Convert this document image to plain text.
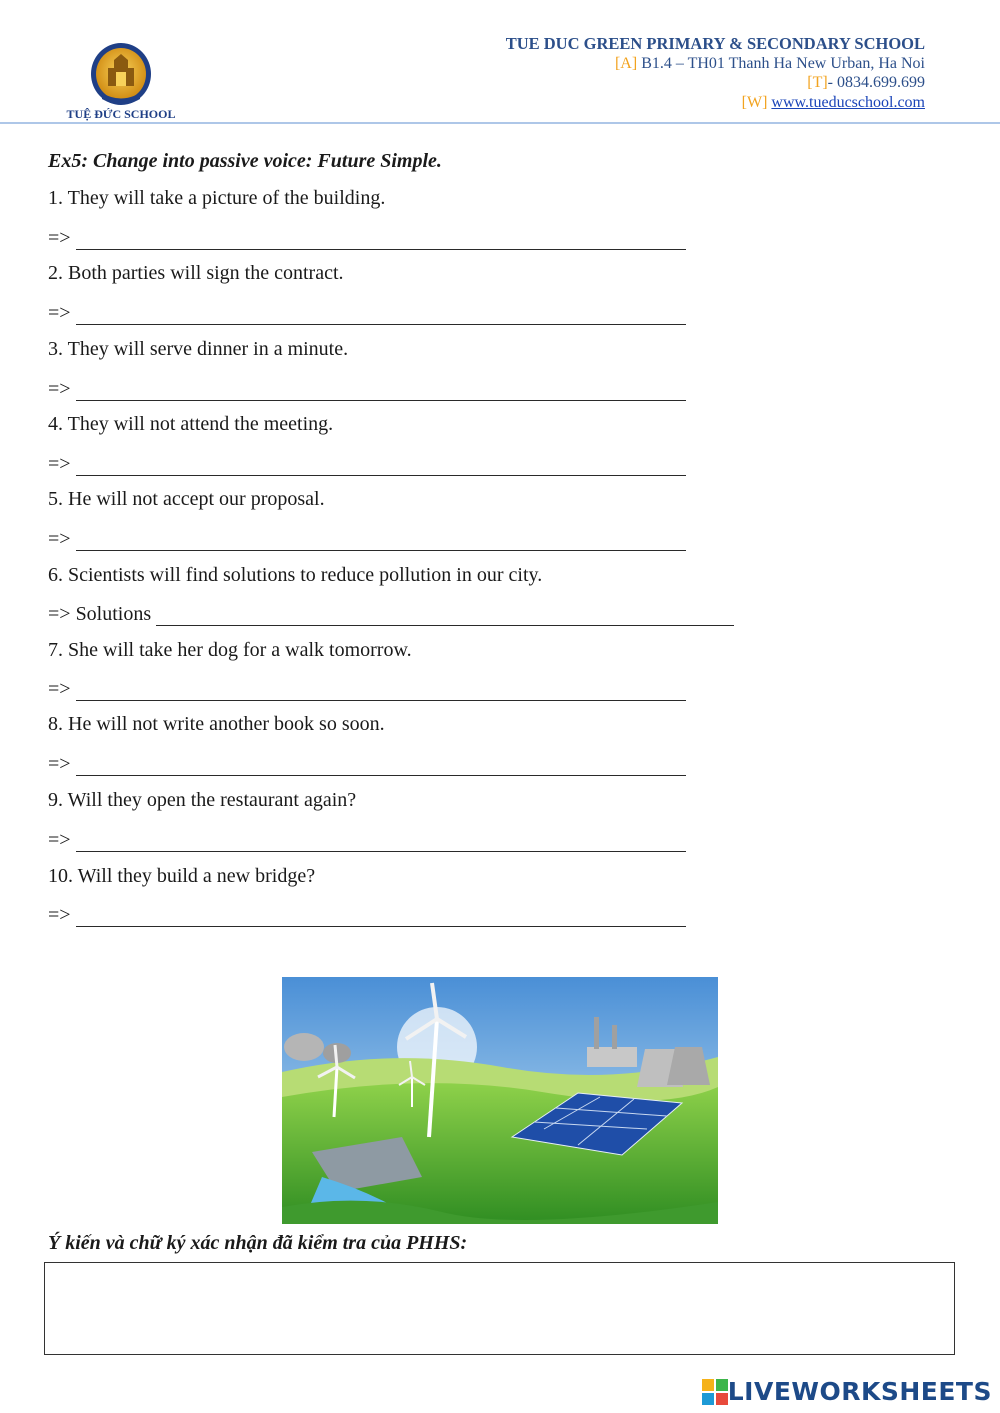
TUỆ ĐỨC SCHOOL
TUE DUC GREEN PRIMARY & SECONDARY SCHOOL
[A] B1.4 – TH01 Thanh Ha New Urban, Ha Noi
[T]- 0834.699.699
[W] www.tueducschool.com
Ex5: Change into passive voice: Future Simple.
1. They will take a picture of the building.
=>
2. Both parties will sign the contract.
=>
3. They will serve dinner in a minute.
=>
4. They will not attend the meeting.
=>
5. He will not accept our proposal.
=>
6. Scientists will find solutions to reduce pollution in our city.
=> Solutions
7. She will take her dog for a walk tomorrow.
=>
8. He will not write another book so soon.
=>
9. Will they open the restaurant again?
=>
10. Will they build a new bridge?
=>
Ý kiến và chữ ký xác nhận đã kiểm tra của PHHS:
LIVEWORKSHEETS
